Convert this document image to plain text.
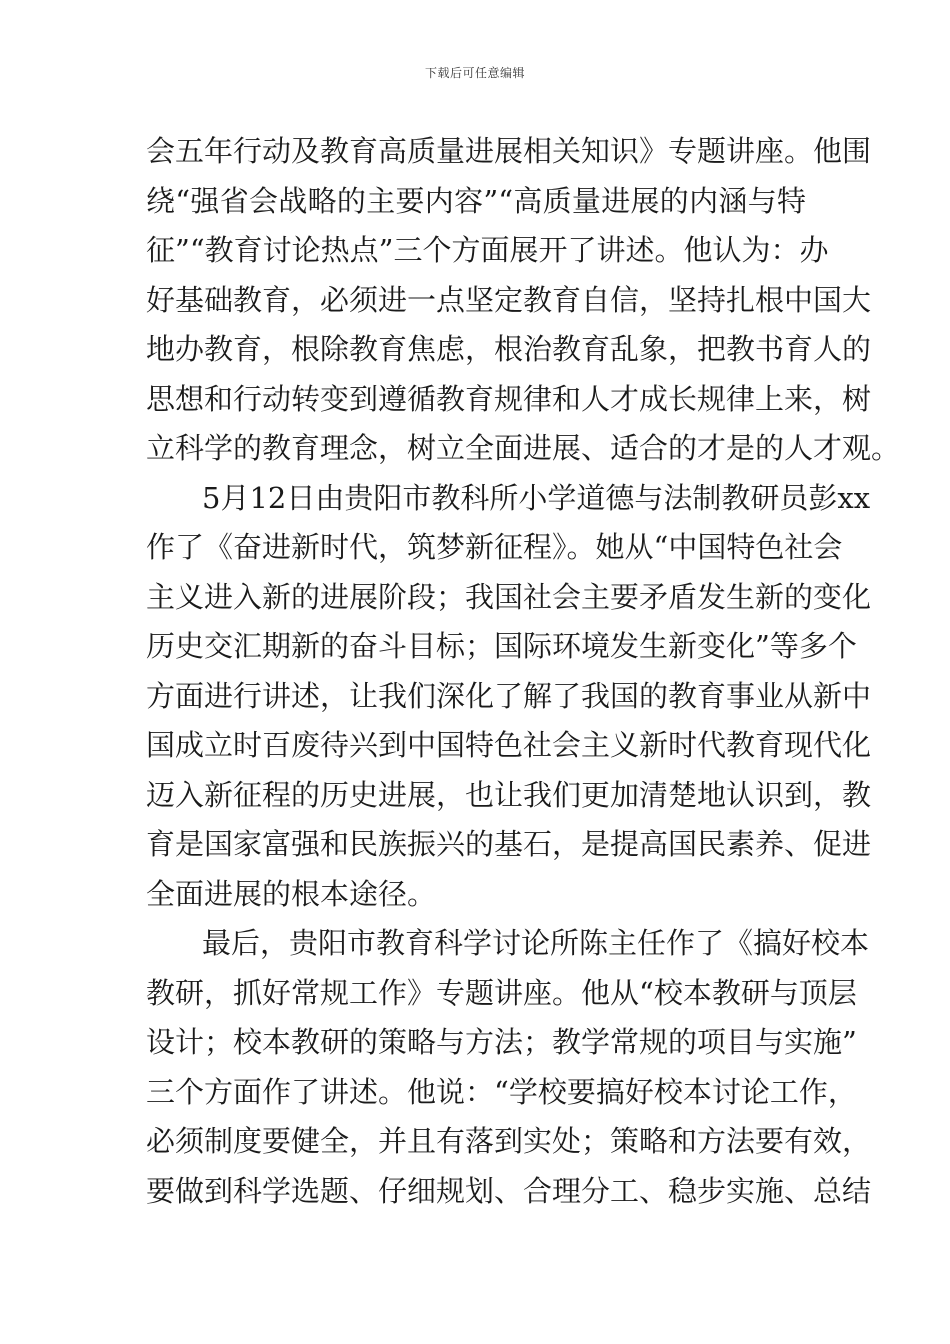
下载后可任意编辑
会五年行动及教育高质量进展相关知识》专题讲座。他围
绕“强省会战略的主要内容”“高质量进展的内涵与特
征”“教育讨论热点”三个方面展开了讲述。他认为：办
好基础教育，必须进一点坚定教育自信，坚持扎根中国大
地办教育，根除教育焦虑，根治教育乱象，把教书育人的
思想和行动转变到遵循教育规律和人才成长规律上来，树
立科学的教育理念，树立全面进展、适合的才是的人才观。
5月12日由贵阳市教科所小学道德与法制教研员彭xx
作了《奋进新时代，筑梦新征程》。她从“中国特色社会
主义进入新的进展阶段；我国社会主要矛盾发生新的变化
历史交汇期新的奋斗目标；国际环境发生新变化”等多个
方面进行讲述，让我们深化了解了我国的教育事业从新中
国成立时百废待兴到中国特色社会主义新时代教育现代化
迈入新征程的历史进展，也让我们更加清楚地认识到，教
育是国家富强和民族振兴的基石，是提高国民素养、促进
全面进展的根本途径。
最后，贵阳市教育科学讨论所陈主任作了《搞好校本
教研，抓好常规工作》专题讲座。他从“校本教研与顶层
设计；校本教研的策略与方法；教学常规的项目与实施”
三个方面作了讲述。他说：“学校要搞好校本讨论工作，
必须制度要健全，并且有落到实处；策略和方法要有效，
要做到科学选题、仔细规划、合理分工、稳步实施、总结
